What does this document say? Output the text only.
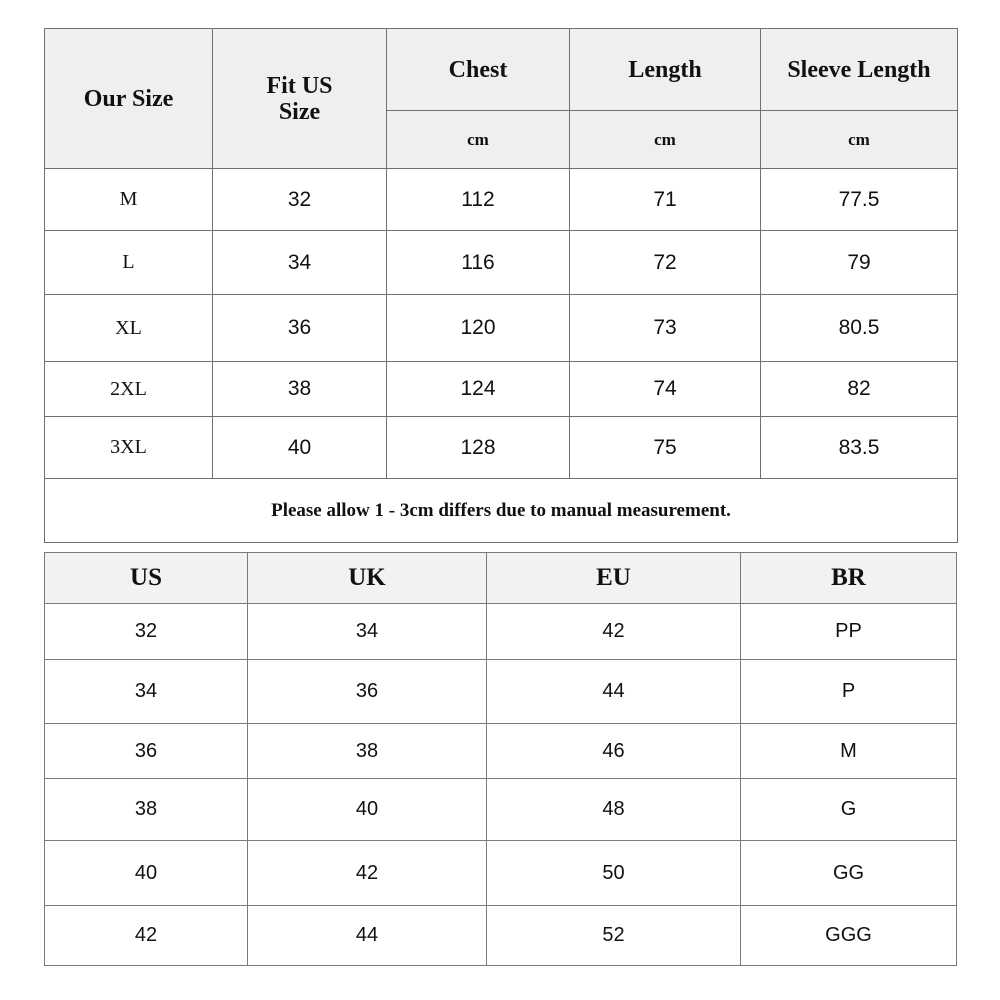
Our Size	Fit US Size	Chest	Length	Sleeve Length
		cm	cm	cm
M	32	112	71	77.5
L	34	116	72	79
XL	36	120	73	80.5
2XL	38	124	74	82
3XL	40	128	75	83.5
Please allow 1 - 3cm differs due to manual measurement.				
US	UK	EU	BR
32	34	42	PP
34	36	44	P
36	38	46	M
38	40	48	G
40	42	50	GG
42	44	52	GGG
